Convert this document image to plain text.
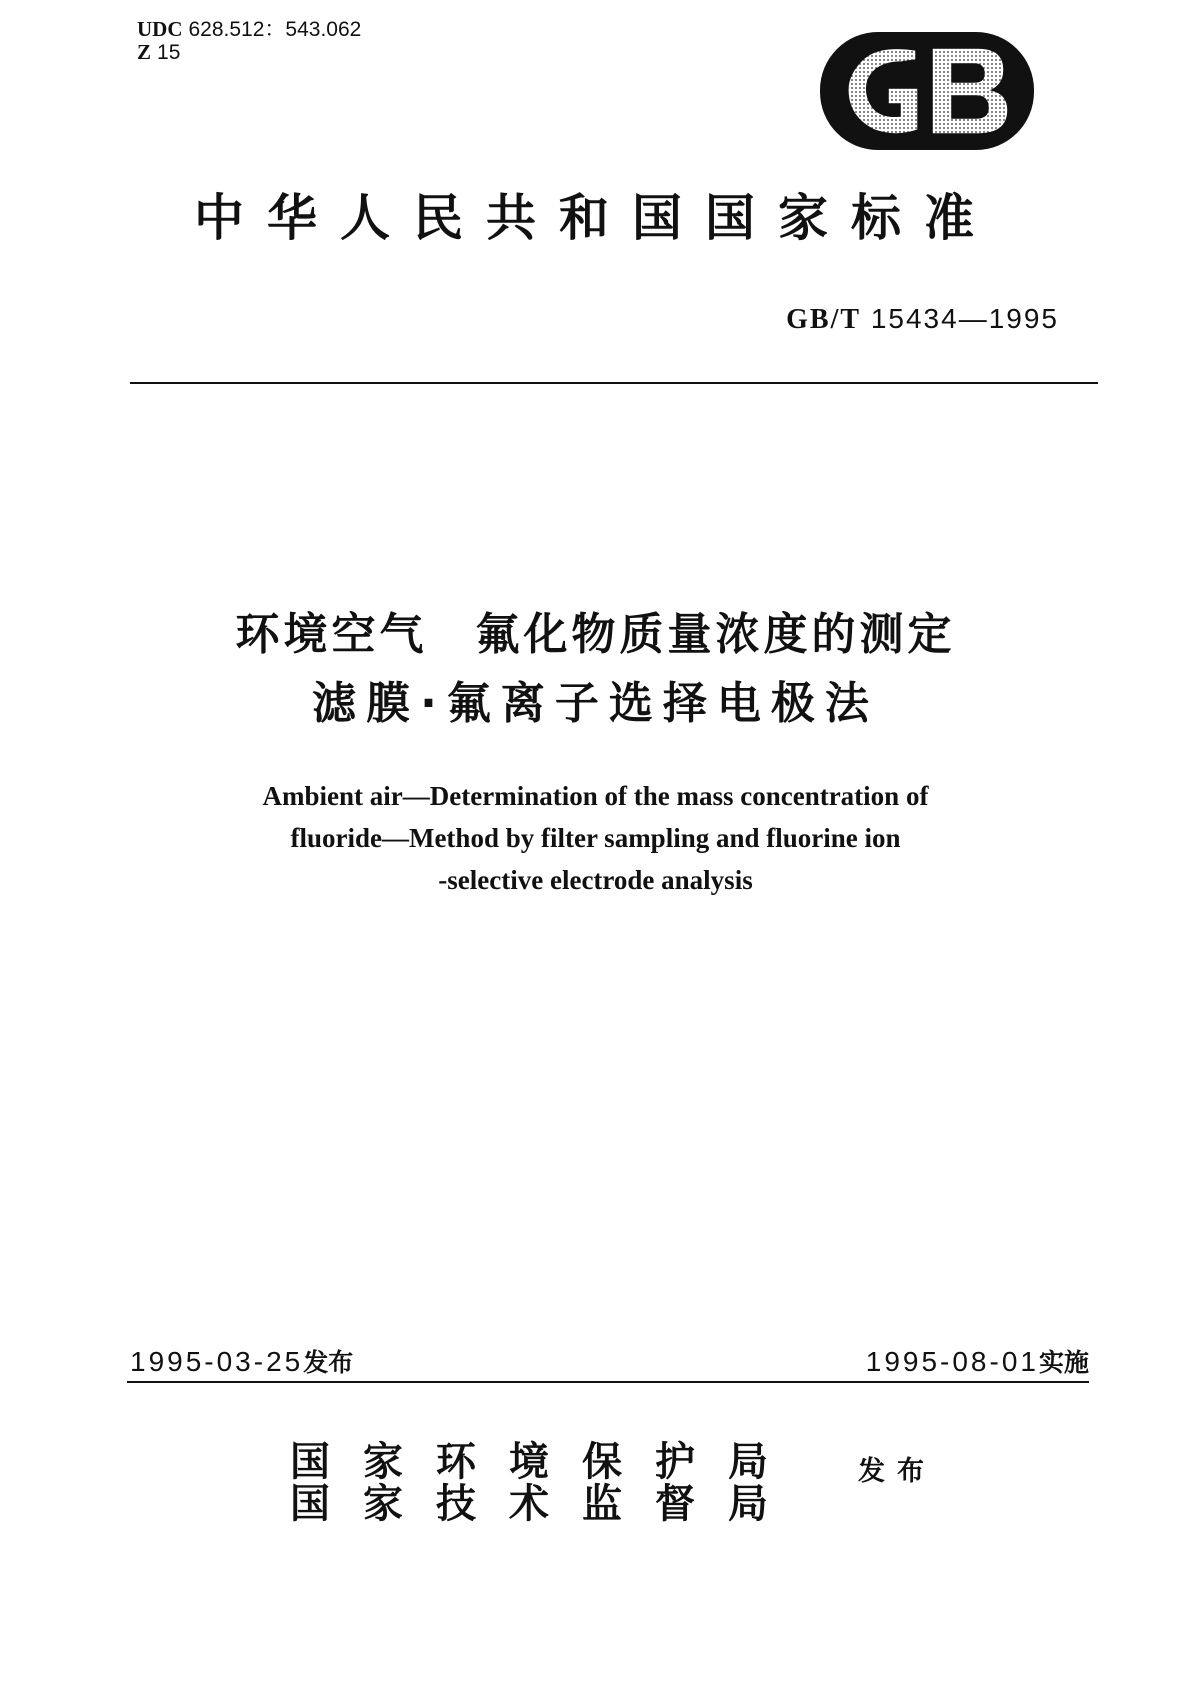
UDC 628.512：543.062
Z 15
中华人民共和国国家标准
GB/T 15434—1995
环境空气　氟化物质量浓度的测定
滤膜·氟离子选择电极法
Ambient air—Determination of the mass concentration of
fluoride—Method by filter sampling and fluorine ion
-selective electrode analysis
1995-03-25发布	1995-08-01实施
国家环境保护局
国家技术监督局
发布
